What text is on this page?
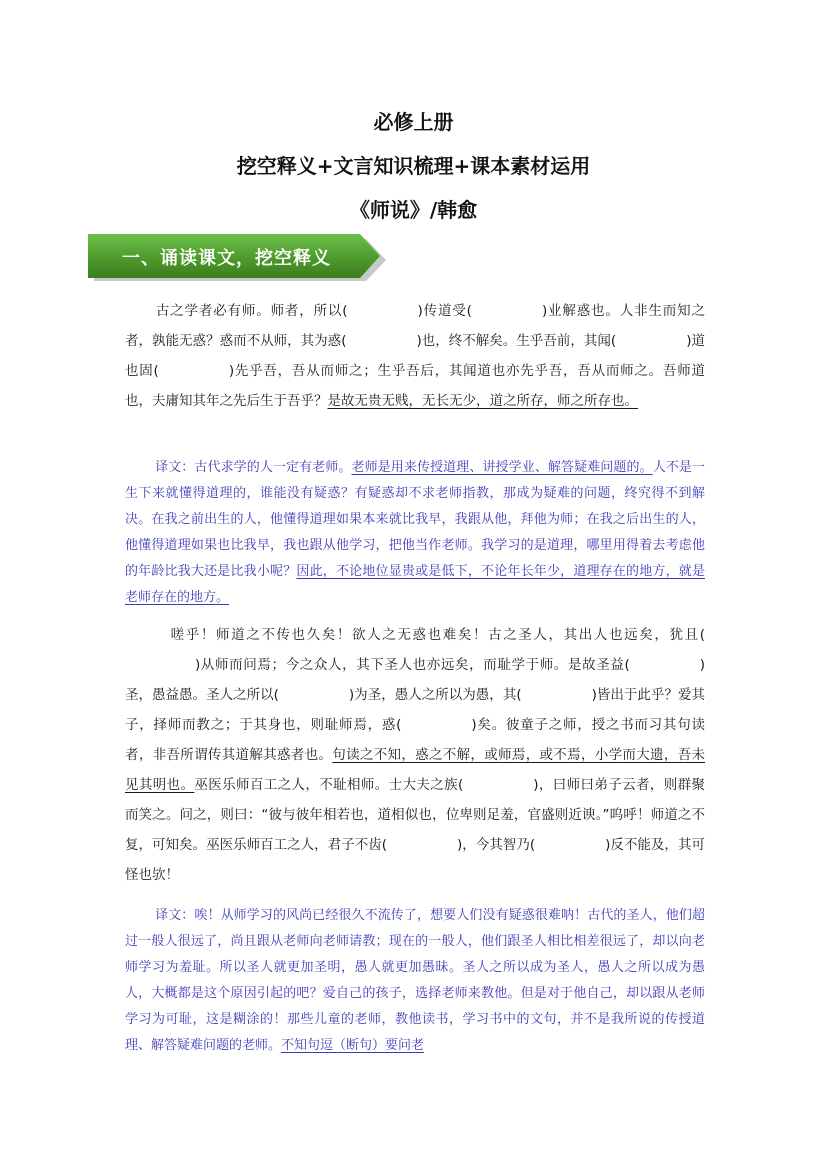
必修上册
挖空释义+文言知识梳理+课本素材运用
《师说》/韩愈
一、诵读课文，挖空释义

古之学者必有师。师者，所以(	)传道受(	)业解惑也。人非生而知之者，孰能无惑？惑而不从师，其为惑(	)也，终不解矣。生乎吾前，其闻(	)道也固(	)先乎吾，吾从而师之；生乎吾后，其闻道也亦先乎吾，吾从而师之。吾师道也，夫庸知其年之先后生于吾乎？是故无贵无贱，无长无少，道之所存，师之所存也。

译文：古代求学的人一定有老师。老师是用来传授道理、讲授学业、解答疑难问题的。人不是一生下来就懂得道理的，谁能没有疑惑？有疑惑却不求老师指教，那成为疑难的问题，终究得不到解决。在我之前出生的人，他懂得道理如果本来就比我早，我跟从他，拜他为师；在我之后出生的人，他懂得道理如果也比我早，我也跟从他学习，把他当作老师。我学习的是道理，哪里用得着去考虑他的年龄比我大还是比我小呢？因此，不论地位显贵或是低下，不论年长年少，道理存在的地方，就是老师存在的地方。

嗟乎！师道之不传也久矣！欲人之无惑也难矣！古之圣人，其出人也远矣，犹且()从师而问焉；今之众人，其下圣人也亦远矣，而耻学于师。是故圣益(	)圣，愚益愚。圣人之所以(	)为圣，愚人之所以为愚，其(	)皆出于此乎？爱其子，择师而教之；于其身也，则耻师焉，惑(	)矣。彼童子之师，授之书而习其句读者，非吾所谓传其道解其惑者也。句读之不知，惑之不解，或师焉，或不焉，小学而大遗，吾未见其明也。巫医乐师百工之人，不耻相师。士大夫之族(	)，曰师曰弟子云者，则群聚而笑之。问之，则曰：“彼与彼年相若也，道相似也，位卑则足羞，官盛则近谀。”呜呼！师道之不复，可知矣。巫医乐师百工之人，君子不齿(	)，今其智乃(	)反不能及，其可怪也欤！

译文：唉！从师学习的风尚已经很久不流传了，想要人们没有疑惑很难呐！古代的圣人，他们超过一般人很远了，尚且跟从老师向老师请教；现在的一般人，他们跟圣人相比相差很远了，却以向老师学习为羞耻。所以圣人就更加圣明，愚人就更加愚昧。圣人之所以成为圣人，愚人之所以成为愚人，大概都是这个原因引起的吧？爱自己的孩子，选择老师来教他。但是对于他自己，却以跟从老师学习为可耻，这是糊涂的！那些儿童的老师，教他读书，学习书中的文句，并不是我所说的传授道理、解答疑难问题的老师。不知句逗（断句）要问老
